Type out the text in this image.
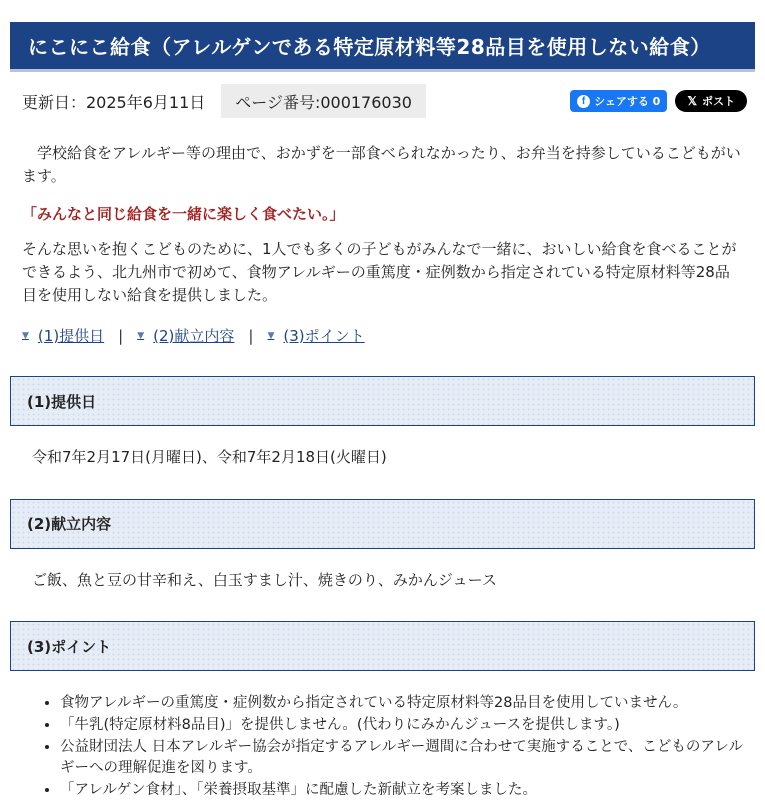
にこにこ給食（アレルゲンである特定原材料等28品目を使用しない給食）
更新日：2025年6月11日	ページ番号:000176030	f シェアする 0 𝕏 ポスト

　学校給食をアレルギー等の理由で、おかずを一部食べられなかったり、お弁当を持参しているこどもがいます。

「みんなと同じ給食を一緒に楽しく食べたい。」

そんな思いを抱くこどものために、1人でも多くの子どもがみんなで一緒に、おいしい給食を食べることができるよう、北九州市で初めて、食物アレルギーの重篤度・症例数から指定されている特定原材料等28品目を使用しない給食を提供しました。

▼ (1)提供日 | ▼ (2)献立内容 | ▼ (3)ポイント
(1)提供日

令和7年2月17日(月曜日)、令和7年2月18日(火曜日)

(2)献立内容

ご飯、魚と豆の甘辛和え、白玉すまし汁、焼きのり、みかんジュース

(3)ポイント
• 食物アレルギーの重篤度・症例数から指定されている特定原材料等28品目を使用していません。
• 「牛乳(特定原材料8品目)」を提供しません。(代わりにみかんジュースを提供します。)
• 公益財団法人 日本アレルギー協会が指定するアレルギー週間に合わせて実施することで、こどものアレルギーへの理解促進を図ります。
• 「アレルゲン食材」、「栄養摂取基準」に配慮した新献立を考案しました。
